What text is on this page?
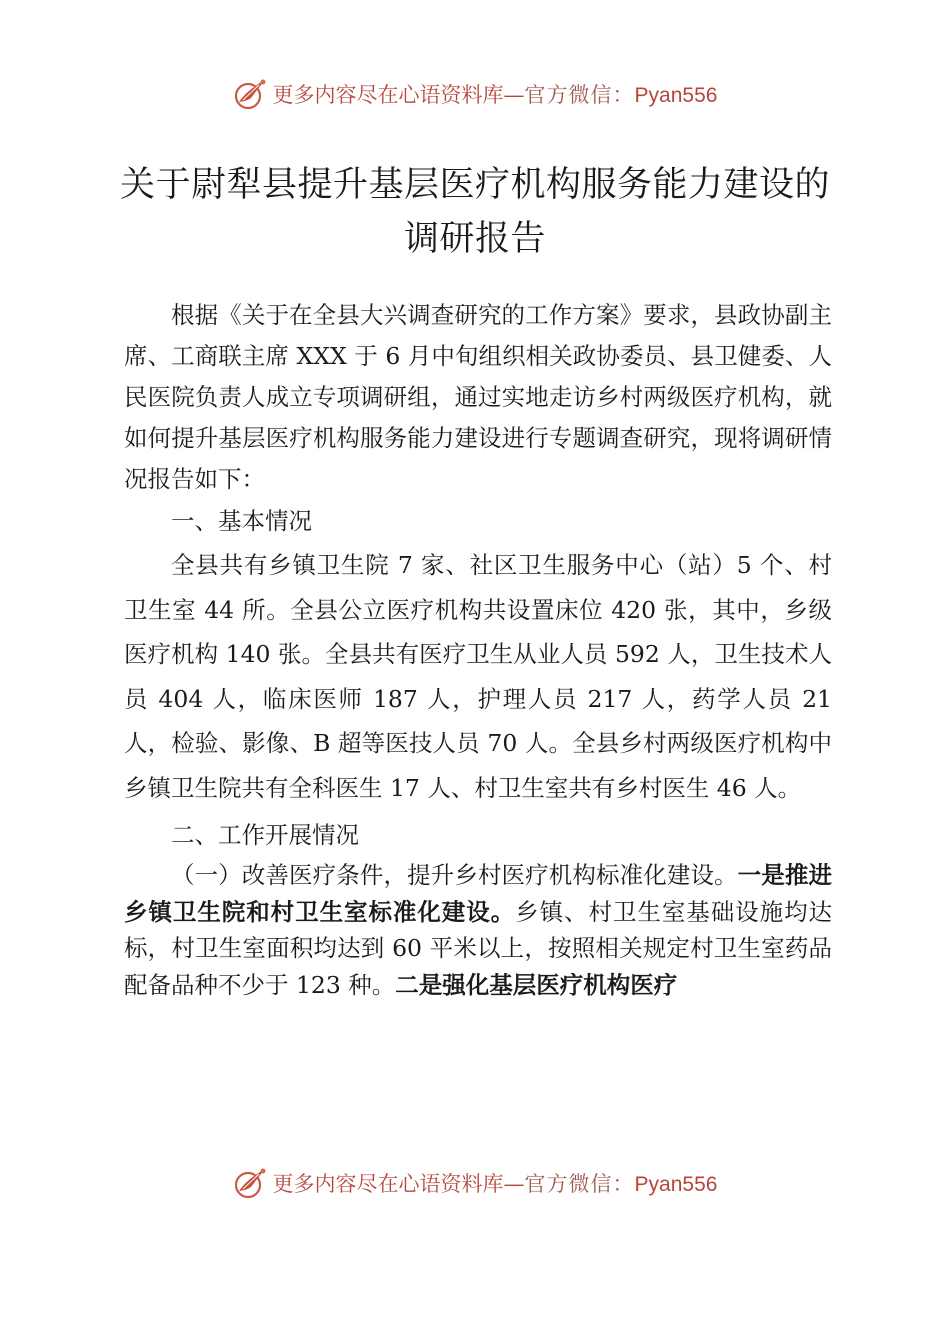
更多内容尽在心语资料库—官方微信：Pyan556
关于尉犁县提升基层医疗机构服务能力建设的
调研报告

根据《关于在全县大兴调查研究的工作方案》要求，县政协副主席、工商联主席 XXX 于 6 月中旬组织相关政协委员、县卫健委、人民医院负责人成立专项调研组，通过实地走访乡村两级医疗机构，就如何提升基层医疗机构服务能力建设进行专题调查研究，现将调研情况报告如下：

一、基本情况

全县共有乡镇卫生院 7 家、社区卫生服务中心（站）5 个、村卫生室 44 所。全县公立医疗机构共设置床位 420 张，其中，乡级医疗机构 140 张。全县共有医疗卫生从业人员 592 人，卫生技术人员 404 人，临床医师 187 人，护理人员 217 人，药学人员 21 人，检验、影像、B 超等医技人员 70 人。全县乡村两级医疗机构中乡镇卫生院共有全科医生 17 人、村卫生室共有乡村医生 46 人。

二、工作开展情况

（一）改善医疗条件，提升乡村医疗机构标准化建设。一是推进乡镇卫生院和村卫生室标准化建设。乡镇、村卫生室基础设施均达标，村卫生室面积均达到 60 平米以上，按照相关规定村卫生室药品配备品种不少于 123 种。二是强化基层医疗机构医疗

更多内容尽在心语资料库—官方微信：Pyan556
